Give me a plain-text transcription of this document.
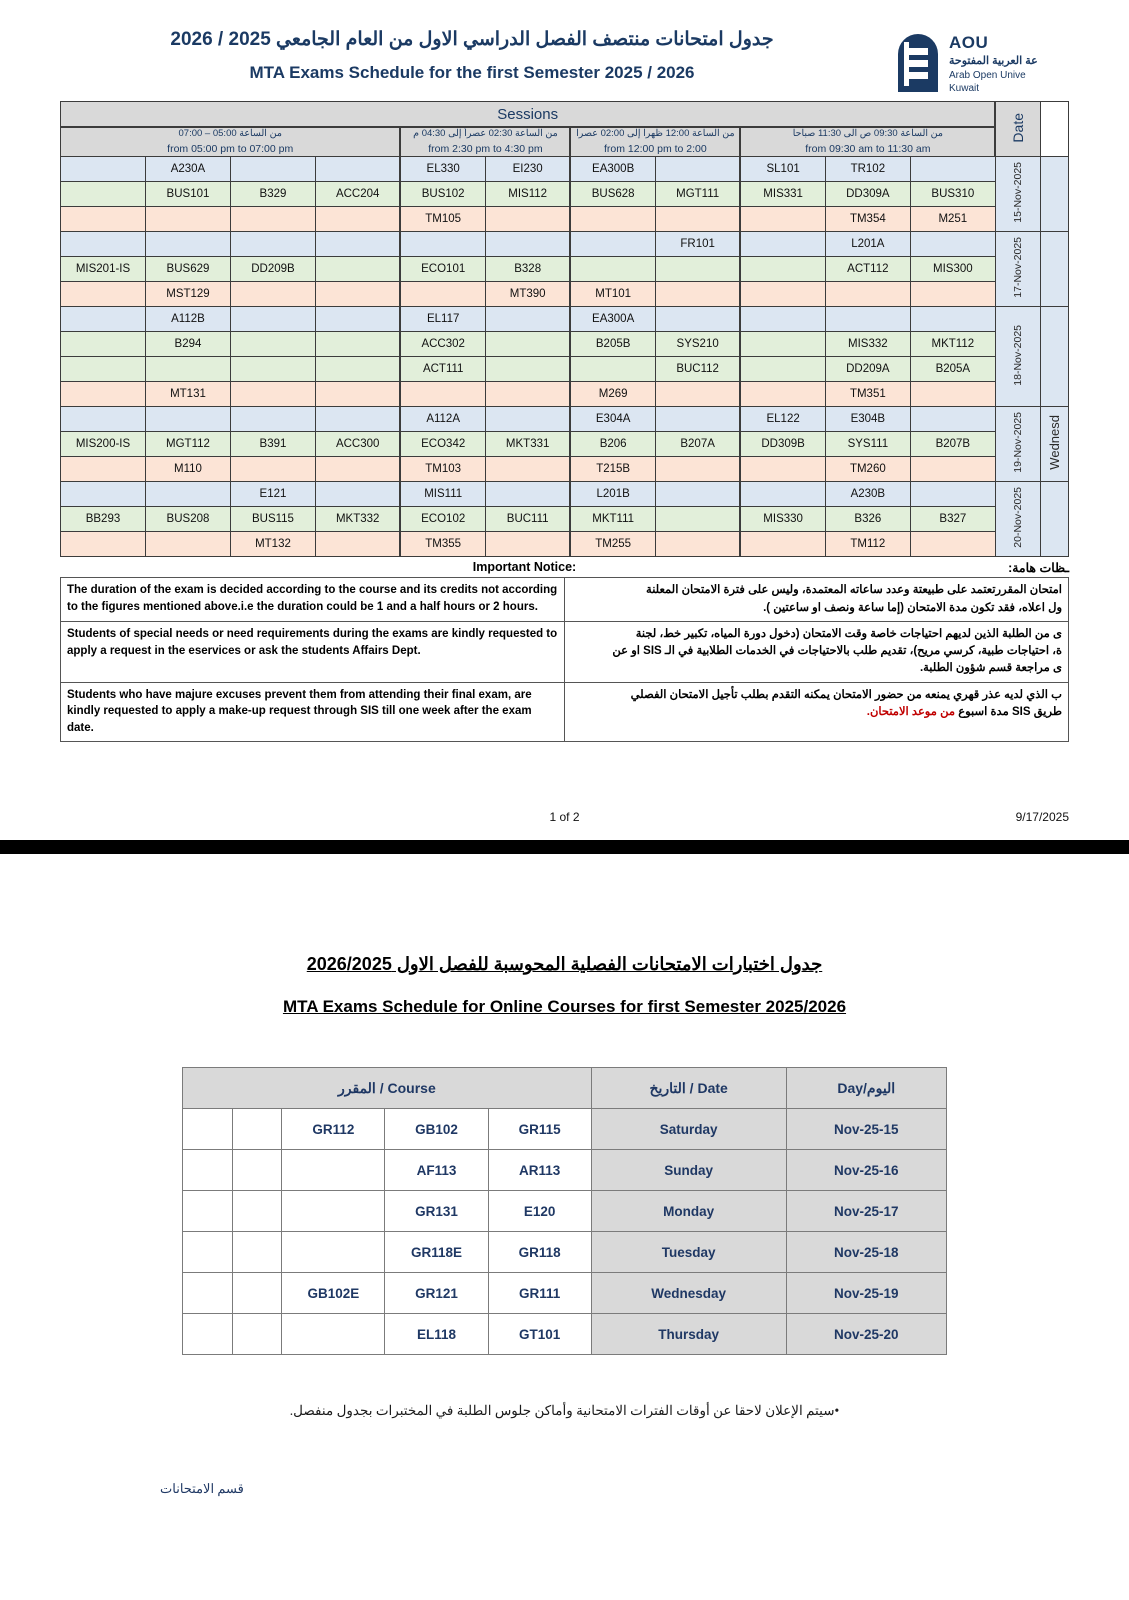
جدول امتحانات منتصف الفصل الدراسي الاول من العام الجامعي 2025 / 2026
MTA Exams Schedule for the first Semester 2025 / 2026
AOU
عة العربية المفتوحة
Arab Open Unive
Kuwait
Sessions											Date	

من الساعة 05:00 – 07:00
from 05:00 pm to 07:00 pm				من الساعة 02:30 عصراً إلى 04:30 م
from 2:30 pm to 4:30 pm		من الساعة 12:00 ظهرا إلى 02:00 عصرا
from 12:00 pm to 2:00		من الساعة 09:30 ص الى 11:30 صباحا
from 09:30 am to 11:30 am				

	A230A			EL330	EI230	EA300B		SL101	TR102		15-Nov-2025	
	BUS101	B329	ACC204	BUS102	MIS112	BUS628	MGT111	MIS331	DD309A	BUS310		
				TM105					TM354	M251		
							FR101		L201A		17-Nov-2025	
MIS201-IS	BUS629	DD209B		ECO101	B328				ACT112	MIS300		
	MST129				MT390	MT101						
	A112B			EL117		EA300A					18-Nov-2025	
	B294			ACC302		B205B	SYS210		MIS332	MKT112		
				ACT111			BUC112		DD209A	B205A		
	MT131					M269			TM351			
				A112A		E304A		EL122	E304B		19-Nov-2025	Wednesd
MIS200-IS	MGT112	B391	ACC300	ECO342	MKT331	B206	B207A	DD309B	SYS111	B207B		
	M110			TM103		T215B			TM260			
		E121		MIS111		L201B			A230B		20-Nov-2025	
BB293	BUS208	BUS115	MKT332	ECO102	BUC111	MKT111		MIS330	B326	B327		
		MT132		TM355		TM255			TM112			
Important Notice:	ـظات هامة:
The duration of the exam is decided according to the course and its credits not according to the figures mentioned above.i.e the duration could be 1 and a half hours or 2 hours.	امتحان المقررتعتمد على طبيعتة وعدد ساعاته المعتمدة، وليس على فترة الامتحان المعلنة
ول اعلاه، فقد تكون مدة الامتحان (إما ساعة ونصف او ساعتين ).

Students of special needs or need requirements during the exams are kindly requested to apply a request in the eservices or ask the students Affairs Dept.	ى من الطلبة الذين لديهم احتياجات خاصة وقت الامتحان (دخول دورة المياه، تكبير خط، لجنة
ة، احتياجات طبية، كرسي مريح)، تقديم طلب بالاحتياجات في الخدمات الطلابية في الـ SIS او عن
ى مراجعة قسم شؤون الطلبة.

Students who have majure excuses prevent them from attending their final exam, are kindly requested to apply a make-up request through SIS till one week after the exam date.	ب الذي لديه عذر قهري يمنعه من حضور الامتحان يمكنه التقدم بطلب تأجيل الامتحان الفصلي
طريق SIS مدة اسبوع من موعد الامتحان.
1 of 2	9/17/2025
جدول اختبارات الامتحانات الفصلية المحوسبة للفصل الاول 2026/2025
MTA Exams Schedule for Online Courses for first Semester 2025/2026
اليوم/Day	Date / التاريخ	Course / المقرر				
15-Nov-25	Saturday	GR115	GB102	GR112		
16-Nov-25	Sunday	AR113	AF113			
17-Nov-25	Monday	E120	GR131			
18-Nov-25	Tuesday	GR118	GR118E			
19-Nov-25	Wednesday	GR111	GR121	GB102E		
20-Nov-25	Thursday	GT101	EL118			
•سيتم الإعلان لاحقا عن أوقات الفترات الامتحانية وأماكن جلوس الطلبة في المختبرات بجدول منفصل.
قسم الامتحانات
